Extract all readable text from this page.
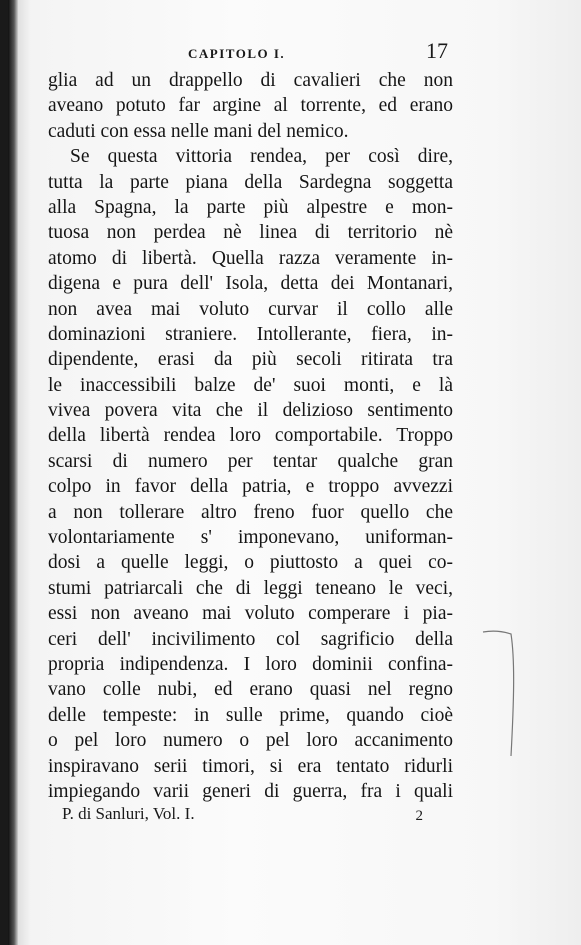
CAPITOLO I.	17
glia ad un drappello di cavalieri che non
aveano potuto far argine al torrente, ed erano
caduti con essa nelle mani del nemico.
Se questa vittoria rendea, per così dire,
tutta la parte piana della Sardegna soggetta
alla Spagna, la parte più alpestre e mon-
tuosa non perdea nè linea di territorio nè
atomo di libertà. Quella razza veramente in-
digena e pura dell' Isola, detta dei Montanari,
non avea mai voluto curvar il collo alle
dominazioni straniere. Intollerante, fiera, in-
dipendente, erasi da più secoli ritirata tra
le inaccessibili balze de' suoi monti, e là
vivea povera vita che il delizioso sentimento
della libertà rendea loro comportabile. Troppo
scarsi di numero per tentar qualche gran
colpo in favor della patria, e troppo avvezzi
a non tollerare altro freno fuor quello che
volontariamente s' imponevano, uniforman-
dosi a quelle leggi, o piuttosto a quei co-
stumi patriarcali che di leggi teneano le veci,
essi non aveano mai voluto comperare i pia-
ceri dell' incivilimento col sagrificio della
propria indipendenza. I loro dominii confina-
vano colle nubi, ed erano quasi nel regno
delle tempeste: in sulle prime, quando cioè
o pel loro numero o pel loro accanimento
inspiravano serii timori, si era tentato ridurli
impiegando varii generi di guerra, fra i quali
P. di Sanluri, Vol. I.	2
